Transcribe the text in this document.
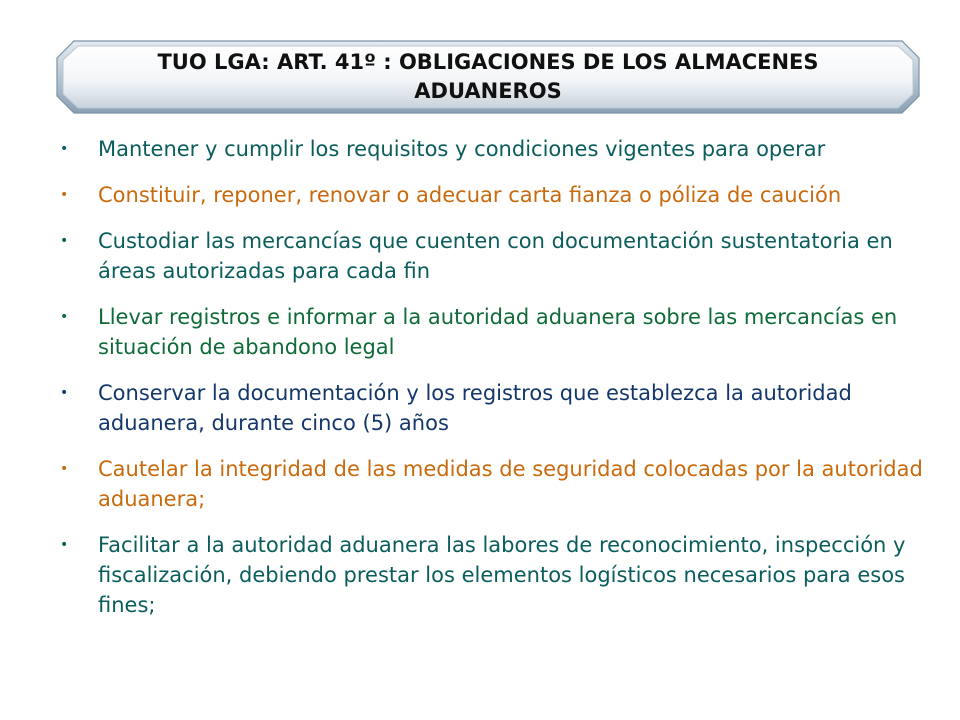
TUO LGA: ART. 41º : OBLIGACIONES DE LOS ALMACENES
ADUANEROS
• Mantener y cumplir los requisitos y condiciones vigentes para operar
• Constituir, reponer, renovar o adecuar carta fianza o póliza de caución
• Custodiar las mercancías que cuenten con documentación sustentatoria en áreas autorizadas para cada fin
• Llevar registros e informar a la autoridad aduanera sobre las mercancías en situación de abandono legal
• Conservar la documentación y los registros que establezca la autoridad aduanera, durante cinco (5) años
• Cautelar la integridad de las medidas de seguridad colocadas por la autoridad aduanera;
• Facilitar a la autoridad aduanera las labores de reconocimiento, inspección y fiscalización, debiendo prestar los elementos logísticos necesarios para esos fines;
